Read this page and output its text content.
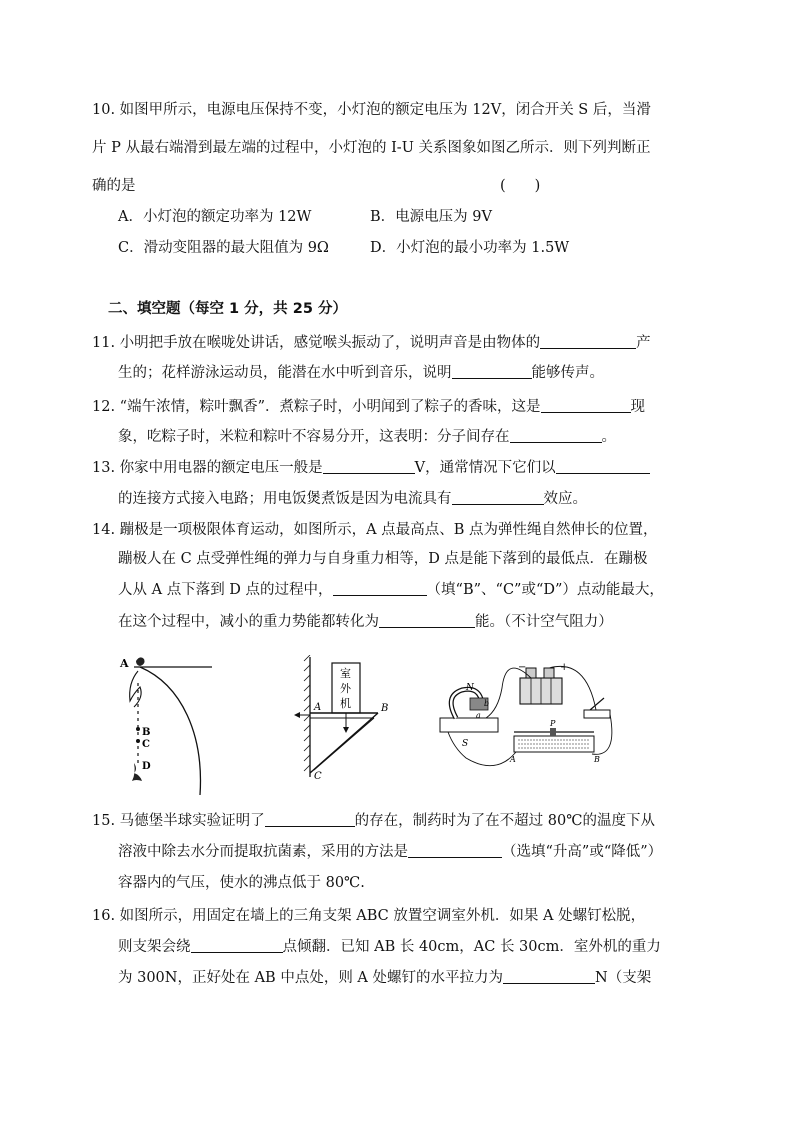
10. 如图甲所示，电源电压保持不变，小灯泡的额定电压为 12V，闭合开关 S 后，当滑
片 P 从最右端滑到最左端的过程中，小灯泡的 I-U 关系图象如图乙所示．则下列判断正
确的是	(　　)
A．小灯泡的额定功率为 12W	B．电源电压为 9V
C．滑动变阻器的最大阻值为 9Ω	D．小灯泡的最小功率为 1.5W
二、填空题（每空 1 分，共 25 分）
11. 小明把手放在喉咙处讲话，感觉喉头振动了，说明声音是由物体的	产
生的；花样游泳运动员，能潜在水中听到音乐，说明	能够传声。
12. “端午浓情，粽叶飘香”．煮粽子时，小明闻到了粽子的香味，这是	现
象，吃粽子时，米粒和粽叶不容易分开，这表明：分子间存在	。
13. 你家中用电器的额定电压一般是	V，通常情况下它们以
的连接方式接入电路；用电饭煲煮饭是因为电流具有	效应。
14. 蹦极是一项极限体育运动，如图所示，A 点最高点、B 点为弹性绳自然伸长的位置，
蹦极人在 C 点受弹性绳的弹力与自身重力相等，D 点是能下落到的最低点．在蹦极
人从 A 点下落到 D 点的过程中，	（填“B”、“C”或“D”）点动能最大，
在这个过程中，减小的重力势能都转化为	能。（不计空气阻力）
A
B
C
D
室
外
机
A	B
C
−	+
N
S
b
a
P
A	B
15. 马德堡半球实验证明了	的存在，制药时为了在不超过 80℃的温度下从
溶液中除去水分而提取抗菌素，采用的方法是	（选填“升高”或“降低”）
容器内的气压，使水的沸点低于 80℃.
16. 如图所示，用固定在墙上的三角支架 ABC 放置空调室外机．如果 A 处螺钉松脱，
则支架会绕	点倾翻．已知 AB 长 40cm，AC 长 30cm．室外机的重力
为 300N，正好处在 AB 中点处，则 A 处螺钉的水平拉力为	N（支架
